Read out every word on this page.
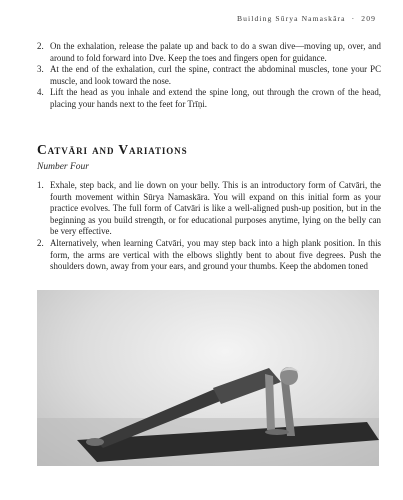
Building Sūrya Namaskāra · 209
2. On the exhalation, release the palate up and back to do a swan dive—moving up, over, and around to fold forward into Dve. Keep the toes and fingers open for guidance.
3. At the end of the exhalation, curl the spine, contract the abdominal muscles, tone your PC muscle, and look toward the nose.
4. Lift the head as you inhale and extend the spine long, out through the crown of the head, placing your hands next to the feet for Trīṇi.
Catvāri and Variations
Number Four
1. Exhale, step back, and lie down on your belly. This is an introductory form of Catvāri, the fourth movement within Sūrya Namaskāra. You will expand on this initial form as your practice evolves. The full form of Catvāri is like a well-aligned push-up position, but in the beginning as you build strength, or for educational purposes anytime, lying on the belly can be very effective.
2. Alternatively, when learning Catvāri, you may step back into a high plank position. In this form, the arms are vertical with the elbows slightly bent to about five degrees. Push the shoulders down, away from your ears, and ground your thumbs. Keep the abdomen toned
